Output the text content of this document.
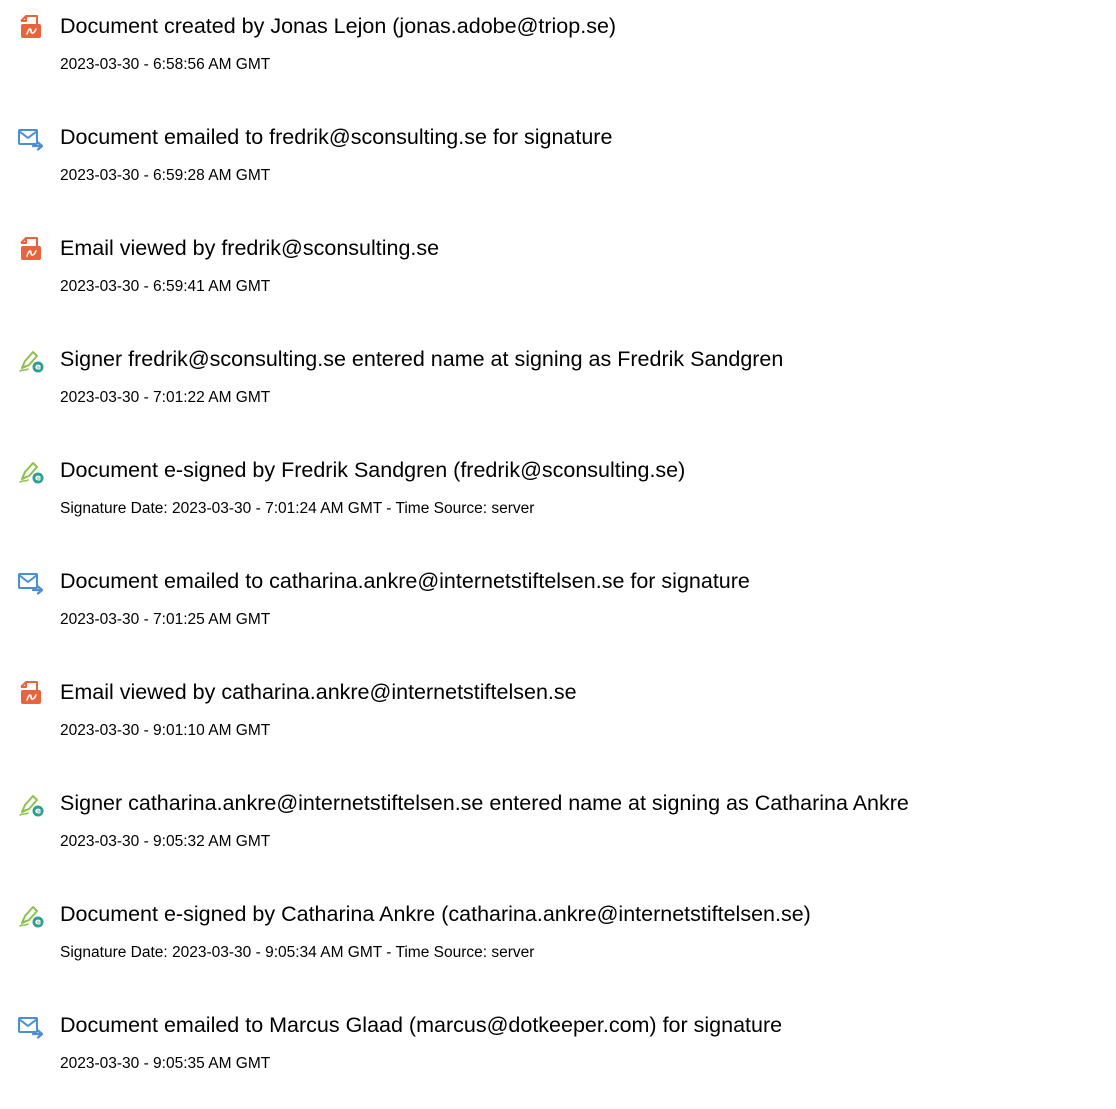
Document created by Jonas Lejon (jonas.adobe@triop.se)
2023-03-30 - 6:58:56 AM GMT
Document emailed to fredrik@sconsulting.se for signature
2023-03-30 - 6:59:28 AM GMT
Email viewed by fredrik@sconsulting.se
2023-03-30 - 6:59:41 AM GMT
Signer fredrik@sconsulting.se entered name at signing as Fredrik Sandgren
2023-03-30 - 7:01:22 AM GMT
Document e-signed by Fredrik Sandgren (fredrik@sconsulting.se)
Signature Date: 2023-03-30 - 7:01:24 AM GMT - Time Source: server
Document emailed to catharina.ankre@internetstiftelsen.se for signature
2023-03-30 - 7:01:25 AM GMT
Email viewed by catharina.ankre@internetstiftelsen.se
2023-03-30 - 9:01:10 AM GMT
Signer catharina.ankre@internetstiftelsen.se entered name at signing as Catharina Ankre
2023-03-30 - 9:05:32 AM GMT
Document e-signed by Catharina Ankre (catharina.ankre@internetstiftelsen.se)
Signature Date: 2023-03-30 - 9:05:34 AM GMT - Time Source: server
Document emailed to Marcus Glaad (marcus@dotkeeper.com) for signature
2023-03-30 - 9:05:35 AM GMT
